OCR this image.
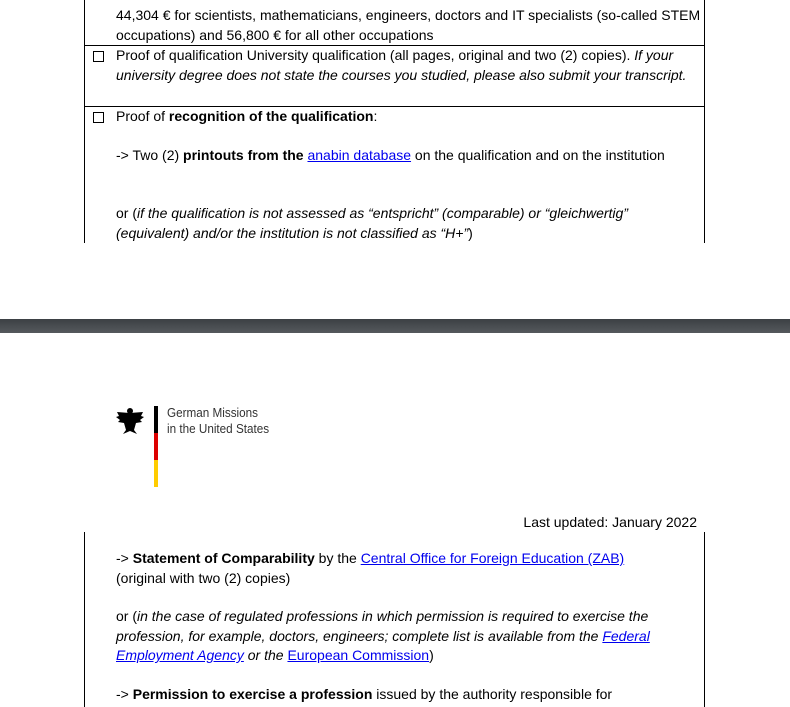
44,304 € for scientists, mathematicians, engineers, doctors and IT specialists (so-called STEM occupations) and 56,800 € for all other occupations
Proof of qualification University qualification (all pages, original and two (2) copies). If your university degree does not state the courses you studied, please also submit your transcript.
Proof of recognition of the qualification:
-> Two (2) printouts from the anabin database on the qualification and on the institution
or (if the qualification is not assessed as “entspricht” (comparable) or “gleichwertig” (equivalent) and/or the institution is not classified as “H+”)
German Missions
in the United States
Last updated: January 2022
-> Statement of Comparability by the Central Office for Foreign Education (ZAB)
(original with two (2) copies)
or (in the case of regulated professions in which permission is required to exercise the profession, for example, doctors, engineers; complete list is available from the Federal Employment Agency or the European Commission)
-> Permission to exercise a profession issued by the authority responsible for
